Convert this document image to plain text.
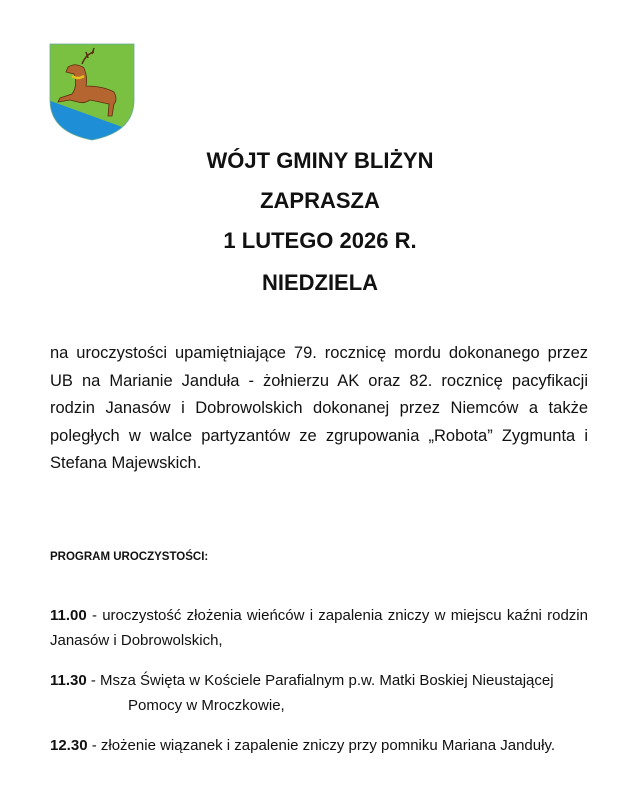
WÓJT GMINY BLIŻYN
ZAPRASZA
1 LUTEGO 2026 R.
NIEDZIELA
na uroczystości upamiętniające 79. rocznicę mordu dokonanego przez UB na Marianie Janduła - żołnierzu AK oraz 82. rocznicę pacyfikacji rodzin Janasów i Dobrowolskich dokonanej przez Niemców a także poległych w walce partyzantów ze zgrupowania „Robota” Zygmunta i Stefana Majewskich.
PROGRAM UROCZYSTOŚCI:
11.00 - uroczystość złożenia wieńców i zapalenia zniczy w miejscu kaźni rodzin Janasów i Dobrowolskich,
11.30 - Msza Święta w Kościele Parafialnym p.w. Matki Boskiej Nieustającej
Pomocy w Mroczkowie,
12.30 - złożenie wiązanek i zapalenie zniczy przy pomniku Mariana Janduły.
